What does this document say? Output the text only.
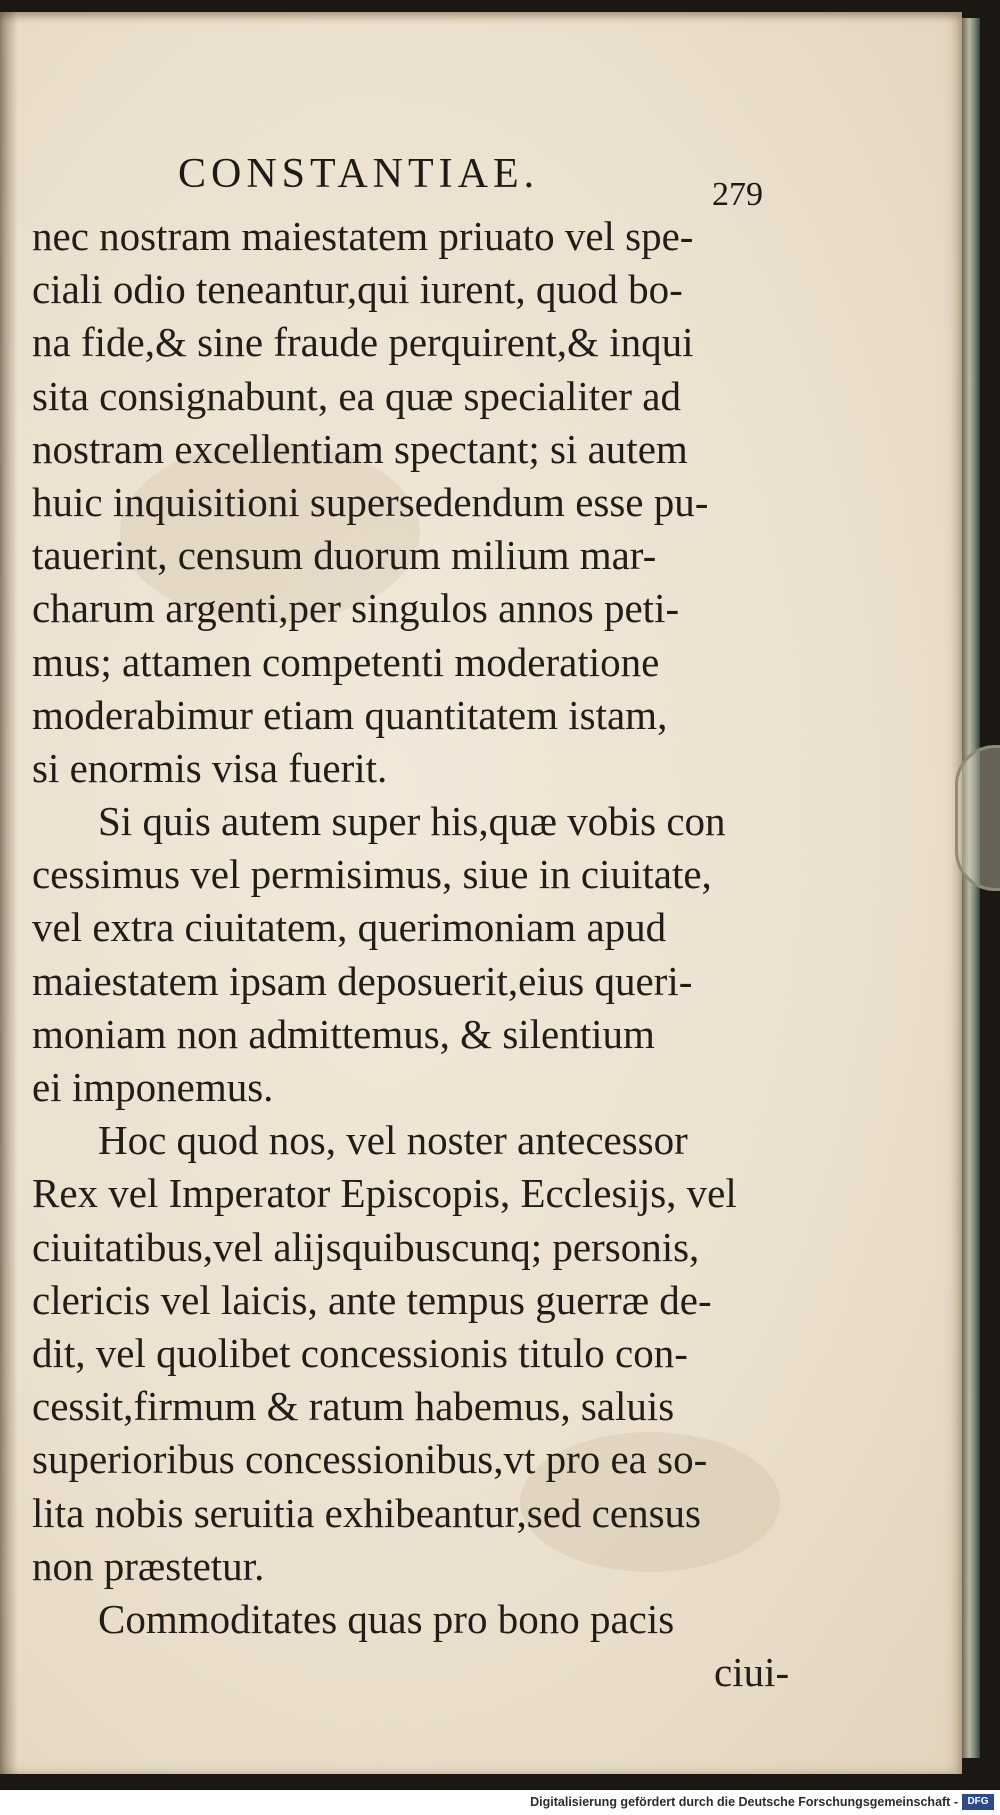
CONSTANTIAE.	279
nec nostram maiestatem priuato vel spe-
ciali odio teneantur,qui iurent, quod bo-
na fide,& sine fraude perquirent,& inqui
sita consignabunt, ea quæ specialiter ad
nostram excellentiam spectant; si autem
huic inquisitioni supersedendum esse pu-
tauerint, censum duorum milium mar-
charum argenti,per singulos annos peti-
mus; attamen competenti moderatione
moderabimur etiam quantitatem istam,
si enormis visa fuerit.
Si quis autem super his,quæ vobis con
cessimus vel permisimus, siue in ciuitate,
vel extra ciuitatem, querimoniam apud
maiestatem ipsam deposuerit,eius queri-
moniam non admittemus, & silentium
ei imponemus.
Hoc quod nos, vel noster antecessor
Rex vel Imperator Episcopis, Ecclesijs, vel
ciuitatibus,vel alijsquibuscunq; personis,
clericis vel laicis, ante tempus guerræ de-
dit, vel quolibet concessionis titulo con-
cessit,firmum & ratum habemus, saluis
superioribus concessionibus,vt pro ea so-
lita nobis seruitia exhibeantur,sed census
non præstetur.
Commoditates quas pro bono pacis
ciui-
Digitalisierung gefördert durch die Deutsche Forschungsgemeinschaft - DFG
